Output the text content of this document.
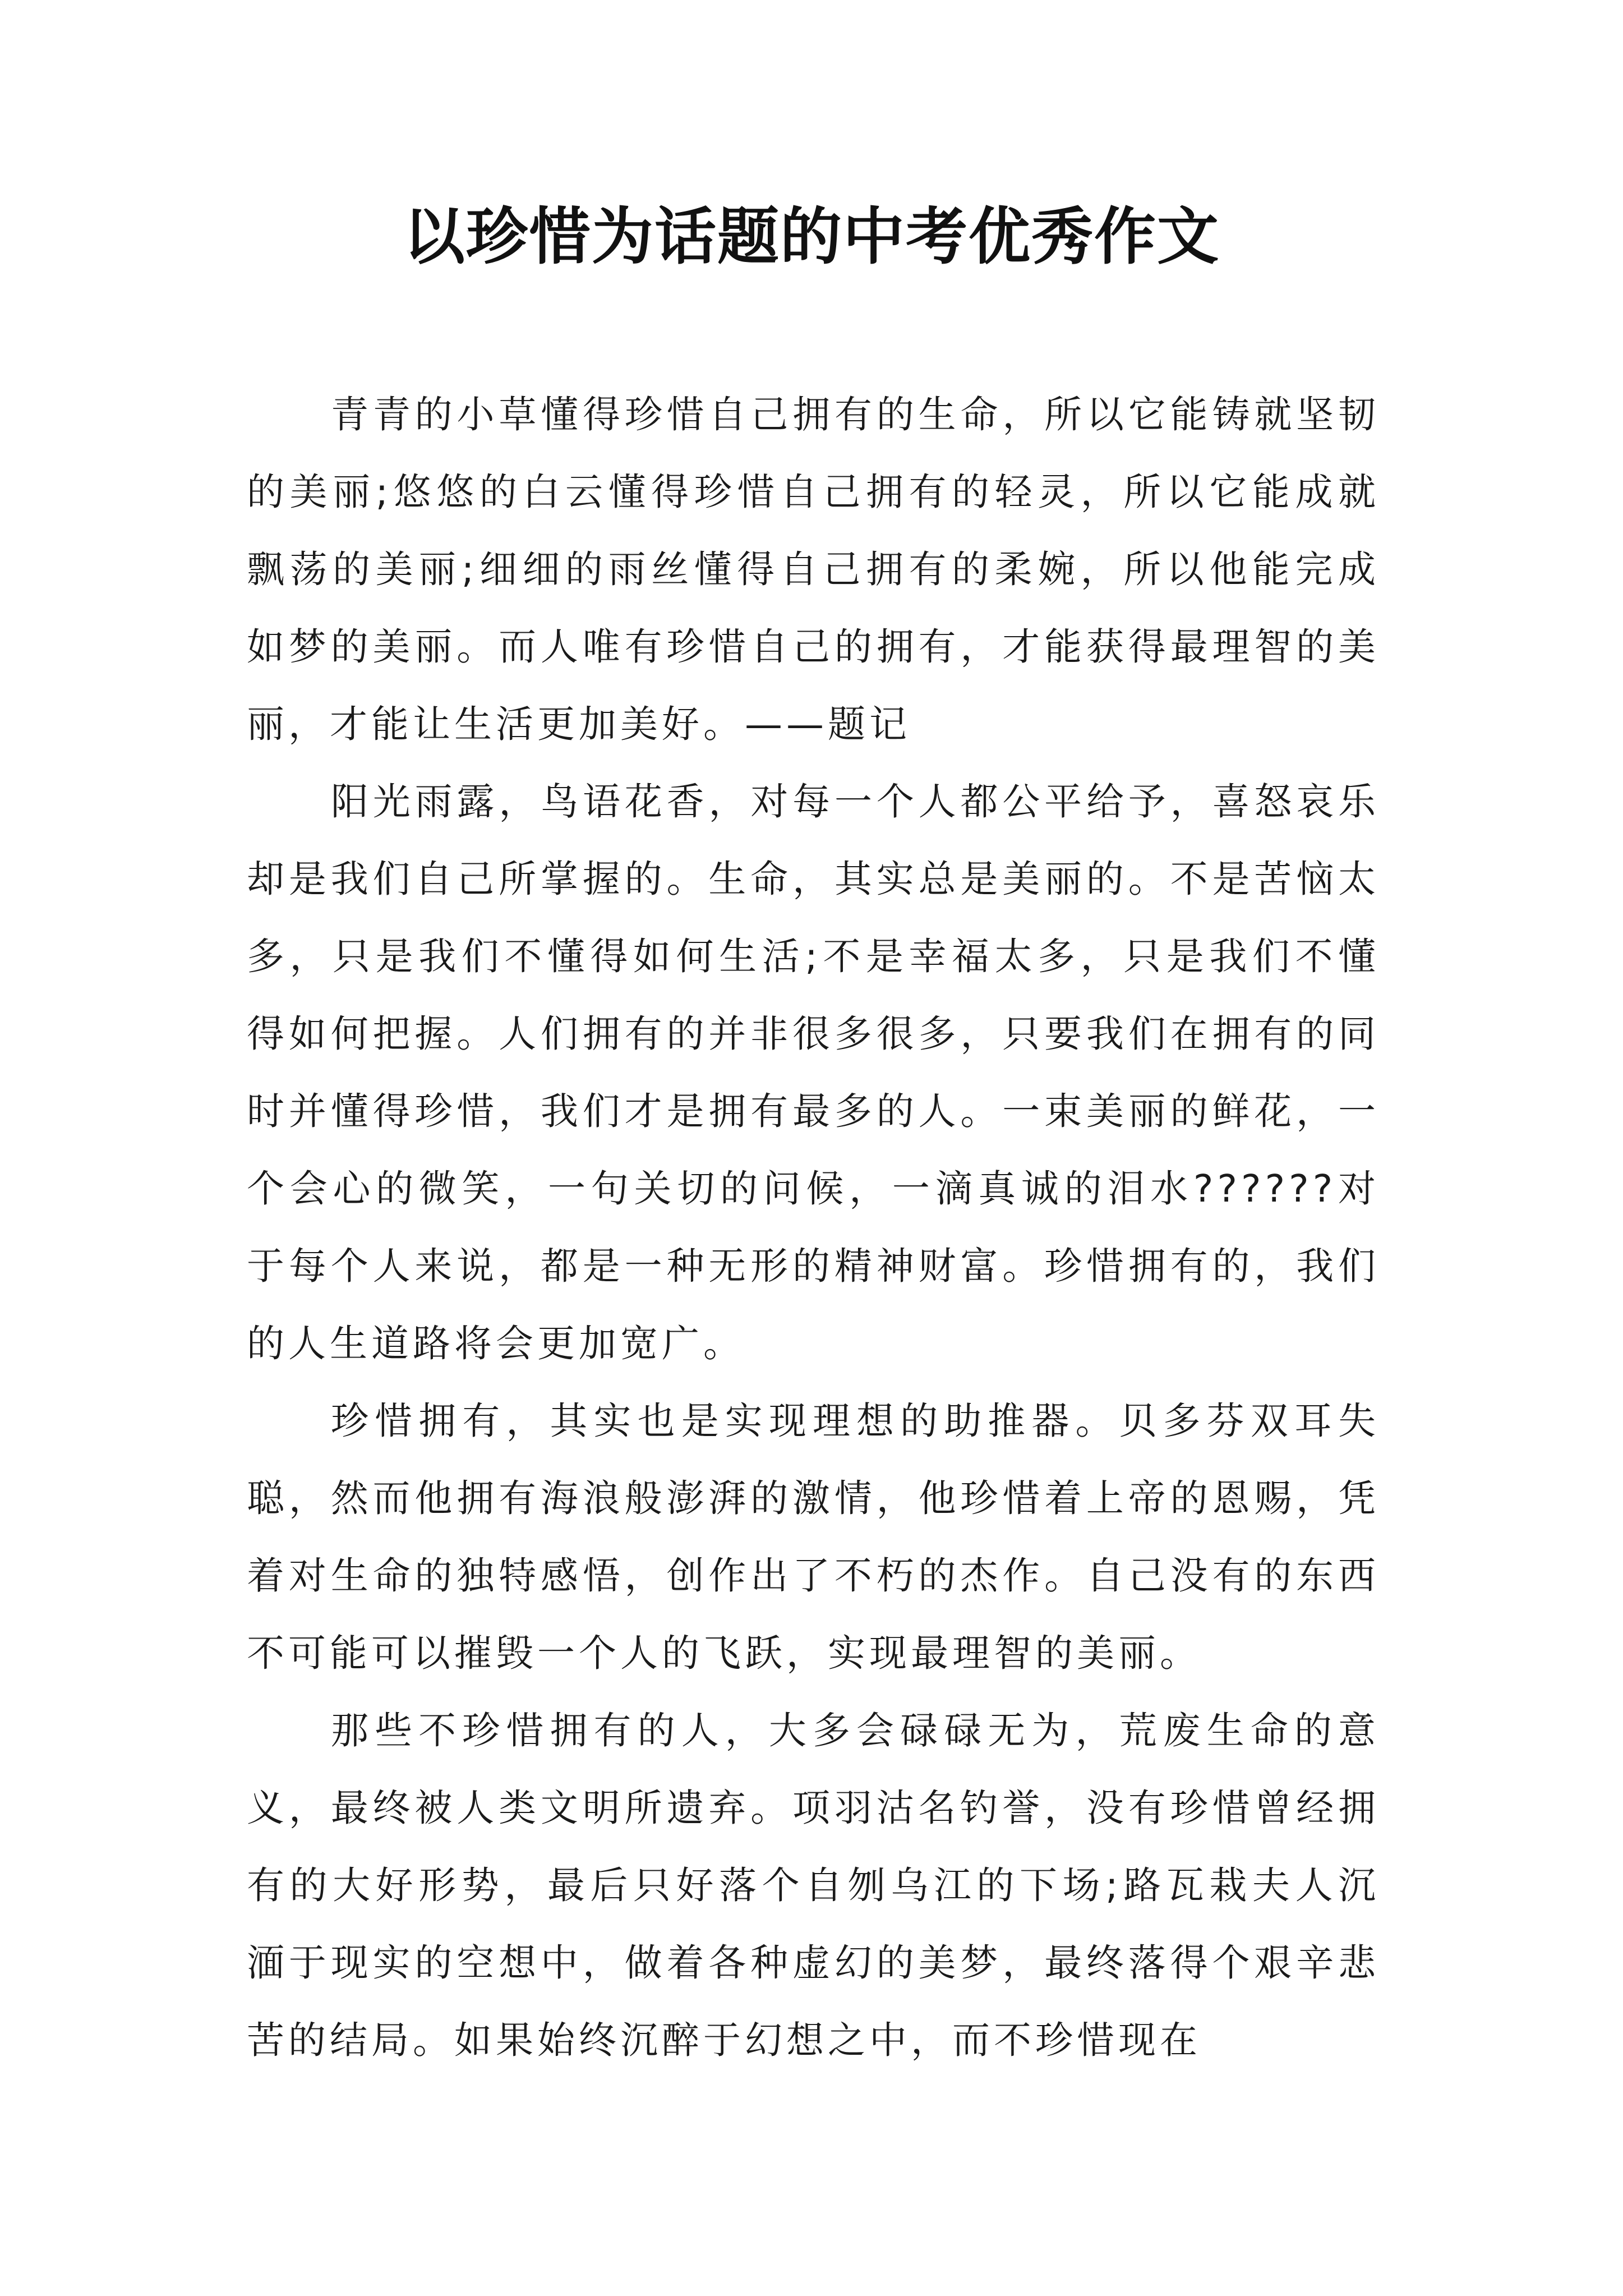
以珍惜为话题的中考优秀作文

青青的小草懂得珍惜自己拥有的生命，所以它能铸就坚韧的美丽;悠悠的白云懂得珍惜自己拥有的轻灵，所以它能成就飘荡的美丽;细细的雨丝懂得自己拥有的柔婉，所以他能完成如梦的美丽。而人唯有珍惜自己的拥有，才能获得最理智的美丽，才能让生活更加美好。——题记

阳光雨露，鸟语花香，对每一个人都公平给予，喜怒哀乐却是我们自己所掌握的。生命，其实总是美丽的。不是苦恼太多，只是我们不懂得如何生活;不是幸福太多，只是我们不懂得如何把握。人们拥有的并非很多很多，只要我们在拥有的同时并懂得珍惜，我们才是拥有最多的人。一束美丽的鲜花，一个会心的微笑，一句关切的问候，一滴真诚的泪水??????对于每个人来说，都是一种无形的精神财富。珍惜拥有的，我们的人生道路将会更加宽广。

珍惜拥有，其实也是实现理想的助推器。贝多芬双耳失聪，然而他拥有海浪般澎湃的激情，他珍惜着上帝的恩赐，凭着对生命的独特感悟，创作出了不朽的杰作。自己没有的东西不可能可以摧毁一个人的飞跃，实现最理智的美丽。

那些不珍惜拥有的人，大多会碌碌无为，荒废生命的意义，最终被人类文明所遗弃。项羽沽名钓誉，没有珍惜曾经拥有的大好形势，最后只好落个自刎乌江的下场;路瓦栽夫人沉湎于现实的空想中，做着各种虚幻的美梦，最终落得个艰辛悲苦的结局。如果始终沉醉于幻想之中，而不珍惜现在
